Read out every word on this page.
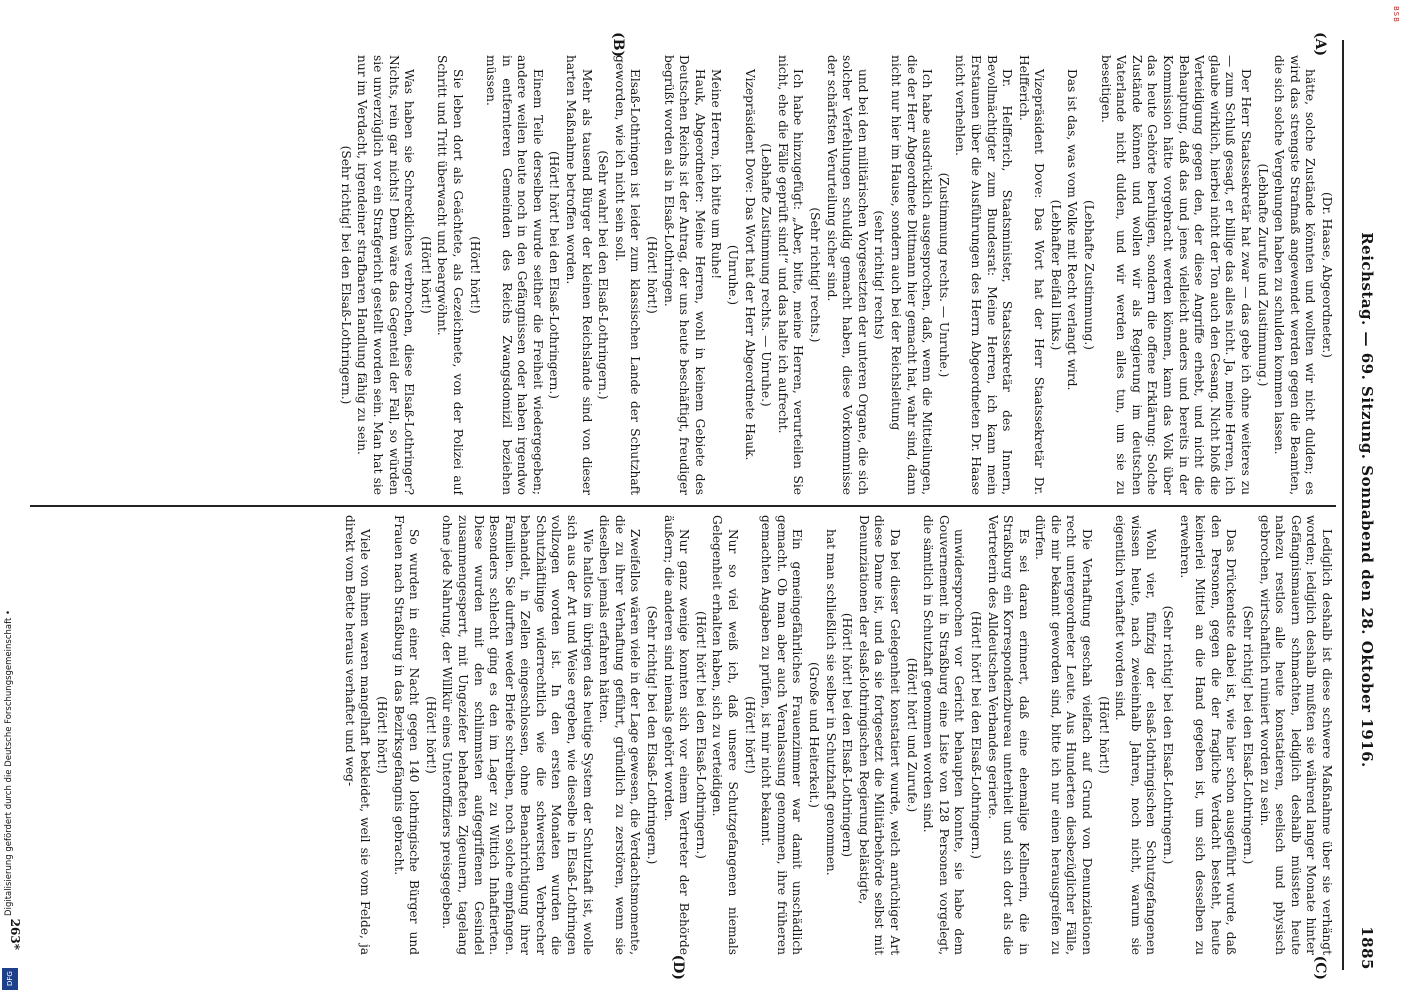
BSB
Digitalisierung gefördert durch die Deutsche Forschungsgemeinschaft •
DFG
Reichstag. — 69. Sitzung. Sonnabend den 28. Oktober 1916.
1885
(A)
(B)
(C)
(D)

(Dr. Haase, Abgeordneter.)

hätte, solche Zustände könnten und wollten wir nicht dulden; es wird das strengste Strafmaß angewendet werden gegen die Beamten, die sich solche Vergehungen haben zu schulden kommen lassen.

(Lebhafte Zurufe und Zustimmung.)

Der Herr Staatssekretär hat zwar — das gebe ich ohne weiteres zu — zum Schluß gesagt, er billige das alles nicht. Ja, meine Herren, ich glaube wirklich, hierbei nicht der Ton auch den Gesang. Nicht bloß die Verteidigung gegen den, der diese Angriffe erhebt, und nicht die Behauptung, daß das und jenes vielleicht anders und bereits in der Kommission hätte vorgebracht werden können, kann das Volk über das heute Gehörte beruhigen, sondern die offene Erklärung: Solche Zustände können und wollen wir als Regierung im deutschen Vaterlande nicht dulden, und wir werden alles tun, um sie zu beseitigen.

(Lebhafte Zustimmung.)

Das ist das, was vom Volke mit Recht verlangt wird.

(Lebhafter Beifall links.)

Vizepräsident Dove: Das Wort hat der Herr Staatssekretär Dr. Helfferich.

Dr. Helfferich, Staatsminister, Staatssekretär des Innern, Bevollmächtigter zum Bundesrat: Meine Herren, ich kann mein Erstaunen über die Ausführungen des Herrn Abgeordneten Dr. Haase nicht verhehlen.

(Zustimmung rechts. — Unruhe.)

Ich habe ausdrücklich ausgesprochen, daß, wenn die Mitteilungen, die der Herr Abgeordnete Dittmann hier gemacht hat, wahr sind, dann nicht nur hier im Hause, sondern auch bei der Reichsleitung

(sehr richtig! rechts)

und bei den militärischen Vorgesetzten der unteren Organe, die sich solcher Verfehlungen schuldig gemacht haben, diese Vorkommnisse der schärfsten Verurteilung sicher sind.

(Sehr richtig! rechts.)

Ich habe hinzugefügt: „Aber, bitte, meine Herren, verurteilen Sie nicht, ehe die Fälle geprüft sind!“ und das halte ich aufrecht.

(Lebhafte Zustimmung rechts. — Unruhe.)

Vizepräsident Dove: Das Wort hat der Herr Abgeordnete Hauk.

(Unruhe.)

Meine Herren, ich bitte um Ruhe!

Hauk, Abgeordneter: Meine Herren, wohl in keinem Gebiete des Deutschen Reichs ist der Antrag, der uns heute beschäftigt, freudiger begrüßt worden als in Elsaß-Lothringen.

(Hört! hört!)

Elsaß-Lothringen ist leider zum klassischen Lande der Schutzhaft geworden, wie ich nicht sein soll.

(Sehr wahr! bei den Elsaß-Lothringern.)

Mehr als tausend Bürger der kleinen Reichslande sind von dieser harten Maßnahme betroffen worden.

(Hört! hört! bei den Elsaß-Lothringern.)

Einem Teile derselben wurde seither die Freiheit wiedergegeben; andere weilen heute noch in den Gefängnissen oder haben irgendwo in entfernteren Gemeinden des Reichs Zwangsdomizil beziehen müssen.

(Hört! hört!)

Sie leben dort als Geächtete, als Gezeichnete, von der Polizei auf Schritt und Tritt überwacht und beargwöhnt.

(Hört! hört!)

Was haben sie Schreckliches verbrochen, diese Elsaß-Lothringer? Nichts, rein gar nichts! Denn wäre das Gegenteil der Fall, so würden sie unverzüglich vor ein Strafgericht gestellt worden sein. Man hat sie nur im Verdacht, irgendeiner strafbaren Handlung fähig zu sein.

(Sehr richtig! bei den Elsaß-Lothringern.)

Lediglich deshalb ist diese schwere Maßnahme über sie verhängt worden; lediglich deshalb mußten sie während langer Monate hinter Gefängnismauern schmachten, lediglich deshalb müssten heute nahezu restlos alle heute konstatieren, seelisch und physisch gebrochen, wirtschaftlich ruiniert worden zu sein.

(Sehr richtig! bei den Elsaß-Lothringern.)

Das Drückendste dabei ist, wie hier schon ausgeführt wurde, daß den Personen, gegen die der fragliche Verdacht besteht, heute keinerlei Mittel an die Hand gegeben ist, um sich desselben zu erwehren.

(Sehr richtig! bei den Elsaß-Lothringern.)

Wohl vier, fünfzig der elsaß-lothringischen Schutzgefangenen wissen heute, nach zweieinhalb Jahren, noch nicht, warum sie eigentlich verhaftet worden sind.

(Hört! hört!)

Die Verhaftung geschah vielfach auf Grund von Denunziationen recht untergeordneter Leute. Aus Hunderten diesbezüglicher Fälle, die mir bekannt geworden sind, bitte ich nur einen herausgreifen zu dürfen.

Es sei daran erinnert, daß eine ehemalige Kellnerin, die in Straßburg ein Korrespondenzbureau unterhielt und sich dort als die Vertreterin des Alldeutschen Verbandes gerierte.

(Hört! hört! bei den Elsaß-Lothringern.)

unwidersprochen vor Gericht behaupten konnte, sie habe dem Gouvernement in Straßburg eine Liste von 128 Personen vorgelegt, die sämtlich in Schutzhaft genommen worden sind.

(Hört! hört! und Zurufe.)

Da bei dieser Gelegenheit konstatiert wurde, welch anrüchiger Art diese Dame ist, und da sie fortgesetzt die Militärbehörde selbst mit Denunziationen der elsaß-lothringischen Regierung belästigte,

(Hört! hört! bei den Elsaß-Lothringern)

hat man schließlich sie selber in Schutzhaft genommen.

(Große und Heiterkeit.)

Ein gemeingefährliches Frauenzimmer war damit unschädlich gemacht. Ob man aber auch Veranlassung genommen, ihre früheren gemachten Angaben zu prüfen, ist mir nicht bekannt.

(Hört! hört!)

Nur so viel weiß ich, daß unsere Schutzgefangenen niemals Gelegenheit erhalten haben, sich zu verteidigen.

(Hört! hört! bei den Elsaß-Lothringern.)

Nur ganz wenige konnten sich vor einem Vertreter der Behörde äußern; die anderen sind niemals gehört worden.

(Sehr richtig! bei den Elsaß-Lothringern.)

Zweifellos wären viele in der Lage gewesen, die Verdachtsmomente, die zu ihrer Verhaftung geführt, gründlich zu zerstören, wenn sie dieselben jemals erfahren hätten.

Wie haltlos im übrigen das heutige System der Schutzhaft ist, wolle sich aus der Art und Weise ergeben, wie dieselbe in Elsaß-Lothringen vollzogen worden ist. In den ersten Monaten wurden die Schutzhäftlinge widerrechtlich wie die schwersten Verbrecher behandelt, in Zellen eingeschlossen, ohne Benachrichtigung ihrer Familien. Sie durften weder Briefe schreiben, noch solche empfangen. Besonders schlecht ging es den im Lager zu Wittich Inhaftierten. Diese wurden mit den schlimmsten aufgegriffenen Gesindel zusammengesperrt, mit Ungeziefer behafteten Zigeunern, tagelang ohne jede Nahrung, der Willkür eines Unteroffiziers preisgegeben.

(Hört! hört!)

So wurden in einer Nacht gegen 140 lothringische Bürger und Frauen nach Straßburg in das Bezirksgefängnis gebracht.

(Hört! hört!)

Viele von ihnen waren mangelhaft bekleidet, weil sie vom Felde, ja direkt vom Bette heraus verhaftet und weg-

263*
